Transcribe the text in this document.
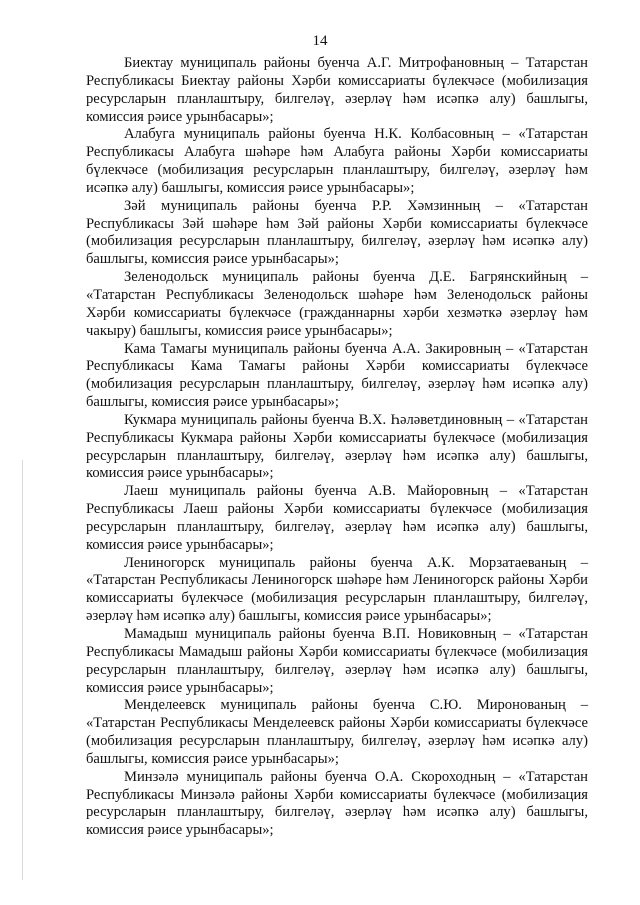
14

Биектау муниципаль районы буенча А.Г. Митрофановның – Татарстан Республикасы Биектау районы Хәрби комиссариаты бүлекчәсе (мобилизация ресурсларын планлаштыру, билгеләү, әзерләү һәм исәпкә алу) башлыгы, комиссия рәисе урынбасары»;

Алабуга муниципаль районы буенча Н.К. Колбасовның – «Татарстан Республикасы Алабуга шәһәре һәм Алабуга районы Хәрби комиссариаты бүлекчәсе (мобилизация ресурсларын планлаштыру, билгеләү, әзерләү һәм исәпкә алу) башлыгы, комиссия рәисе урынбасары»;

Зәй муниципаль районы буенча Р.Р. Хәмзинның – «Татарстан Республикасы Зәй шәһәре һәм Зәй районы Хәрби комиссариаты бүлекчәсе (мобилизация ресурсларын планлаштыру, билгеләү, әзерләү һәм исәпкә алу) башлыгы, комиссия рәисе урынбасары»;

Зеленодольск муниципаль районы буенча Д.Е. Багрянскийның – «Татарстан Республикасы Зеленодольск шәһәре һәм Зеленодольск районы Хәрби комиссариаты бүлекчәсе (гражданнарны хәрби хезмәткә әзерләү һәм чакыру) башлыгы, комиссия рәисе урынбасары»;

Кама Тамагы муниципаль районы буенча А.А. Закировның – «Татарстан Республикасы Кама Тамагы районы Хәрби комиссариаты бүлекчәсе (мобилизация ресурсларын планлаштыру, билгеләү, әзерләү һәм исәпкә алу) башлыгы, комиссия рәисе урынбасары»;

Кукмара муниципаль районы буенча В.Х. Һәләветдиновның – «Татарстан Республикасы Кукмара районы Хәрби комиссариаты бүлекчәсе (мобилизация ресурсларын планлаштыру, билгеләү, әзерләү һәм исәпкә алу) башлыгы, комиссия рәисе урынбасары»;

Лаеш муниципаль районы буенча А.В. Майоровның – «Татарстан Республикасы Лаеш районы Хәрби комиссариаты бүлекчәсе (мобилизация ресурсларын планлаштыру, билгеләү, әзерләү һәм исәпкә алу) башлыгы, комиссия рәисе урынбасары»;

Лениногорск муниципаль районы буенча А.К. Морзатаеваның – «Татарстан Республикасы Лениногорск шәһәре һәм Лениногорск районы Хәрби комиссариаты бүлекчәсе (мобилизация ресурсларын планлаштыру, билгеләү, әзерләү һәм исәпкә алу) башлыгы, комиссия рәисе урынбасары»;

Мамадыш муниципаль районы буенча В.П. Новиковның – «Татарстан Республикасы Мамадыш районы Хәрби комиссариаты бүлекчәсе (мобилизация ресурсларын планлаштыру, билгеләү, әзерләү һәм исәпкә алу) башлыгы, комиссия рәисе урынбасары»;

Менделеевск муниципаль районы буенча С.Ю. Миронованың – «Татарстан Республикасы Менделеевск районы Хәрби комиссариаты бүлекчәсе (мобилизация ресурсларын планлаштыру, билгеләү, әзерләү һәм исәпкә алу) башлыгы, комиссия рәисе урынбасары»;

Минзәлә муниципаль районы буенча О.А. Скороходның – «Татарстан Республикасы Минзәлә районы Хәрби комиссариаты бүлекчәсе (мобилизация ресурсларын планлаштыру, билгеләү, әзерләү һәм исәпкә алу) башлыгы, комиссия рәисе урынбасары»;
